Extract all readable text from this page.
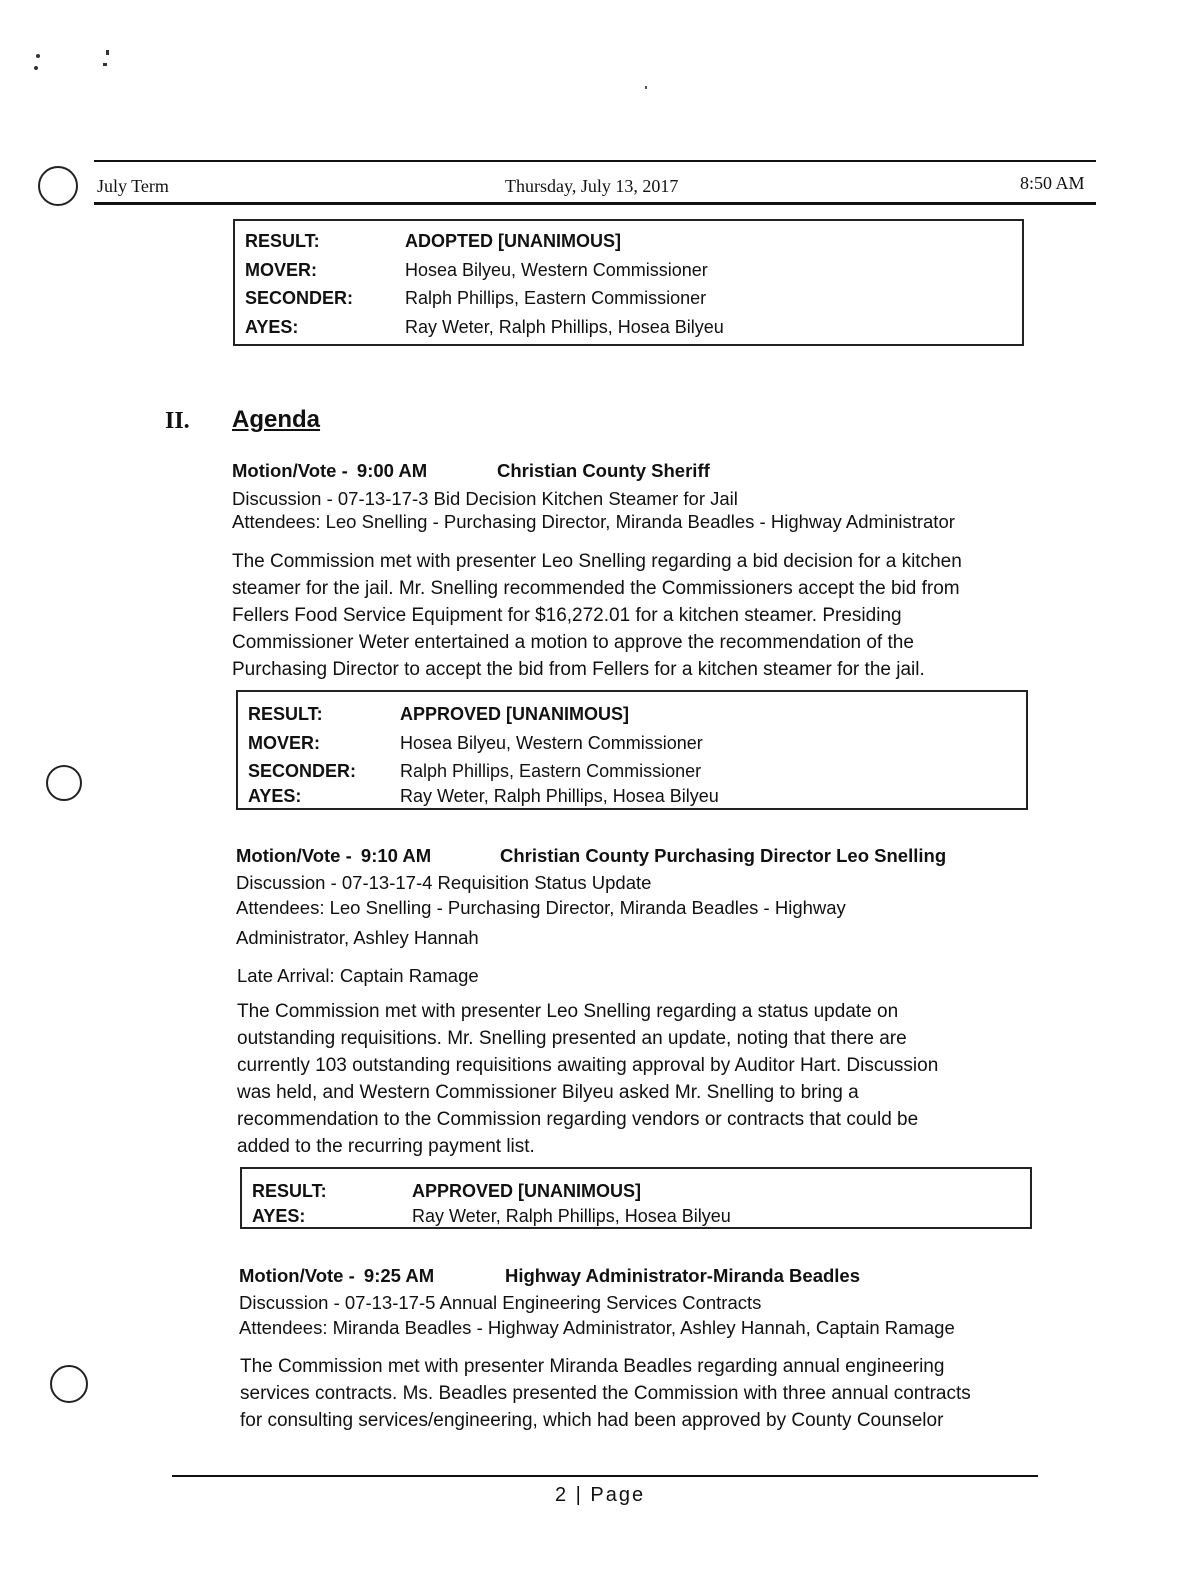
July Term	Thursday, July 13, 2017	8:50 AM
RESULT:	ADOPTED [UNANIMOUS]
MOVER:	Hosea Bilyeu, Western Commissioner
SECONDER:	Ralph Phillips, Eastern Commissioner
AYES:	Ray Weter, Ralph Phillips, Hosea Bilyeu
II. Agenda
Motion/Vote - 9:00 AM	Christian County Sheriff
Discussion - 07-13-17-3 Bid Decision Kitchen Steamer for Jail
Attendees: Leo Snelling - Purchasing Director, Miranda Beadles - Highway Administrator
The Commission met with presenter Leo Snelling regarding a bid decision for a kitchen
steamer for the jail. Mr. Snelling recommended the Commissioners accept the bid from
Fellers Food Service Equipment for $16,272.01 for a kitchen steamer. Presiding
Commissioner Weter entertained a motion to approve the recommendation of the
Purchasing Director to accept the bid from Fellers for a kitchen steamer for the jail.
RESULT:	APPROVED [UNANIMOUS]
MOVER:	Hosea Bilyeu, Western Commissioner
SECONDER: Ralph Phillips, Eastern Commissioner
AYES:	Ray Weter, Ralph Phillips, Hosea Bilyeu
Motion/Vote - 9:10 AM	Christian County Purchasing Director Leo Snelling
Discussion - 07-13-17-4 Requisition Status Update
Attendees: Leo Snelling - Purchasing Director, Miranda Beadles - Highway
Administrator, Ashley Hannah
Late Arrival: Captain Ramage
The Commission met with presenter Leo Snelling regarding a status update on
outstanding requisitions. Mr. Snelling presented an update, noting that there are
currently 103 outstanding requisitions awaiting approval by Auditor Hart. Discussion
was held, and Western Commissioner Bilyeu asked Mr. Snelling to bring a
recommendation to the Commission regarding vendors or contracts that could be
added to the recurring payment list.
RESULT:	APPROVED [UNANIMOUS]
AYES:	Ray Weter, Ralph Phillips, Hosea Bilyeu
Motion/Vote - 9:25 AM	Highway Administrator-Miranda Beadles
Discussion - 07-13-17-5 Annual Engineering Services Contracts
Attendees: Miranda Beadles - Highway Administrator, Ashley Hannah, Captain Ramage
The Commission met with presenter Miranda Beadles regarding annual engineering
services contracts. Ms. Beadles presented the Commission with three annual contracts
for consulting services/engineering, which had been approved by County Counselor
2 | Page
